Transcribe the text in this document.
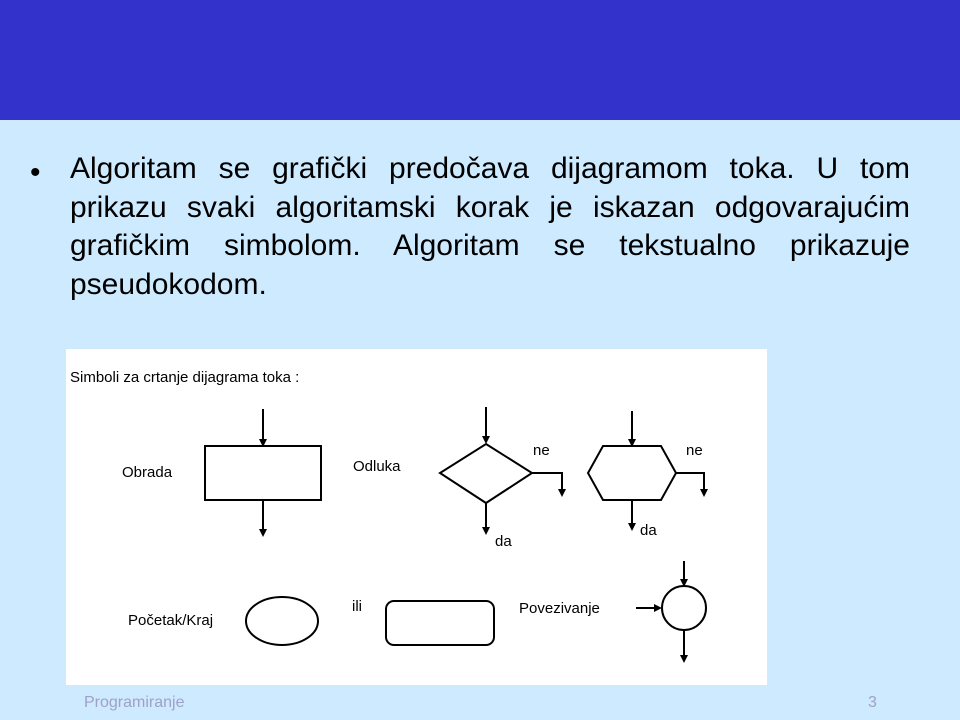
• Algoritam se grafički predočava dijagramom toka. U tom prikazu svaki algoritamski korak je iskazan odgovarajućim grafičkim simbolom. Algoritam se tekstualno prikazuje pseudokodom.
Simboli za crtanje dijagrama toka :
Obrada	Odluka
ne
da
ne
da
Početak/Kraj
ili	Povezivanje
Programiranje	3
